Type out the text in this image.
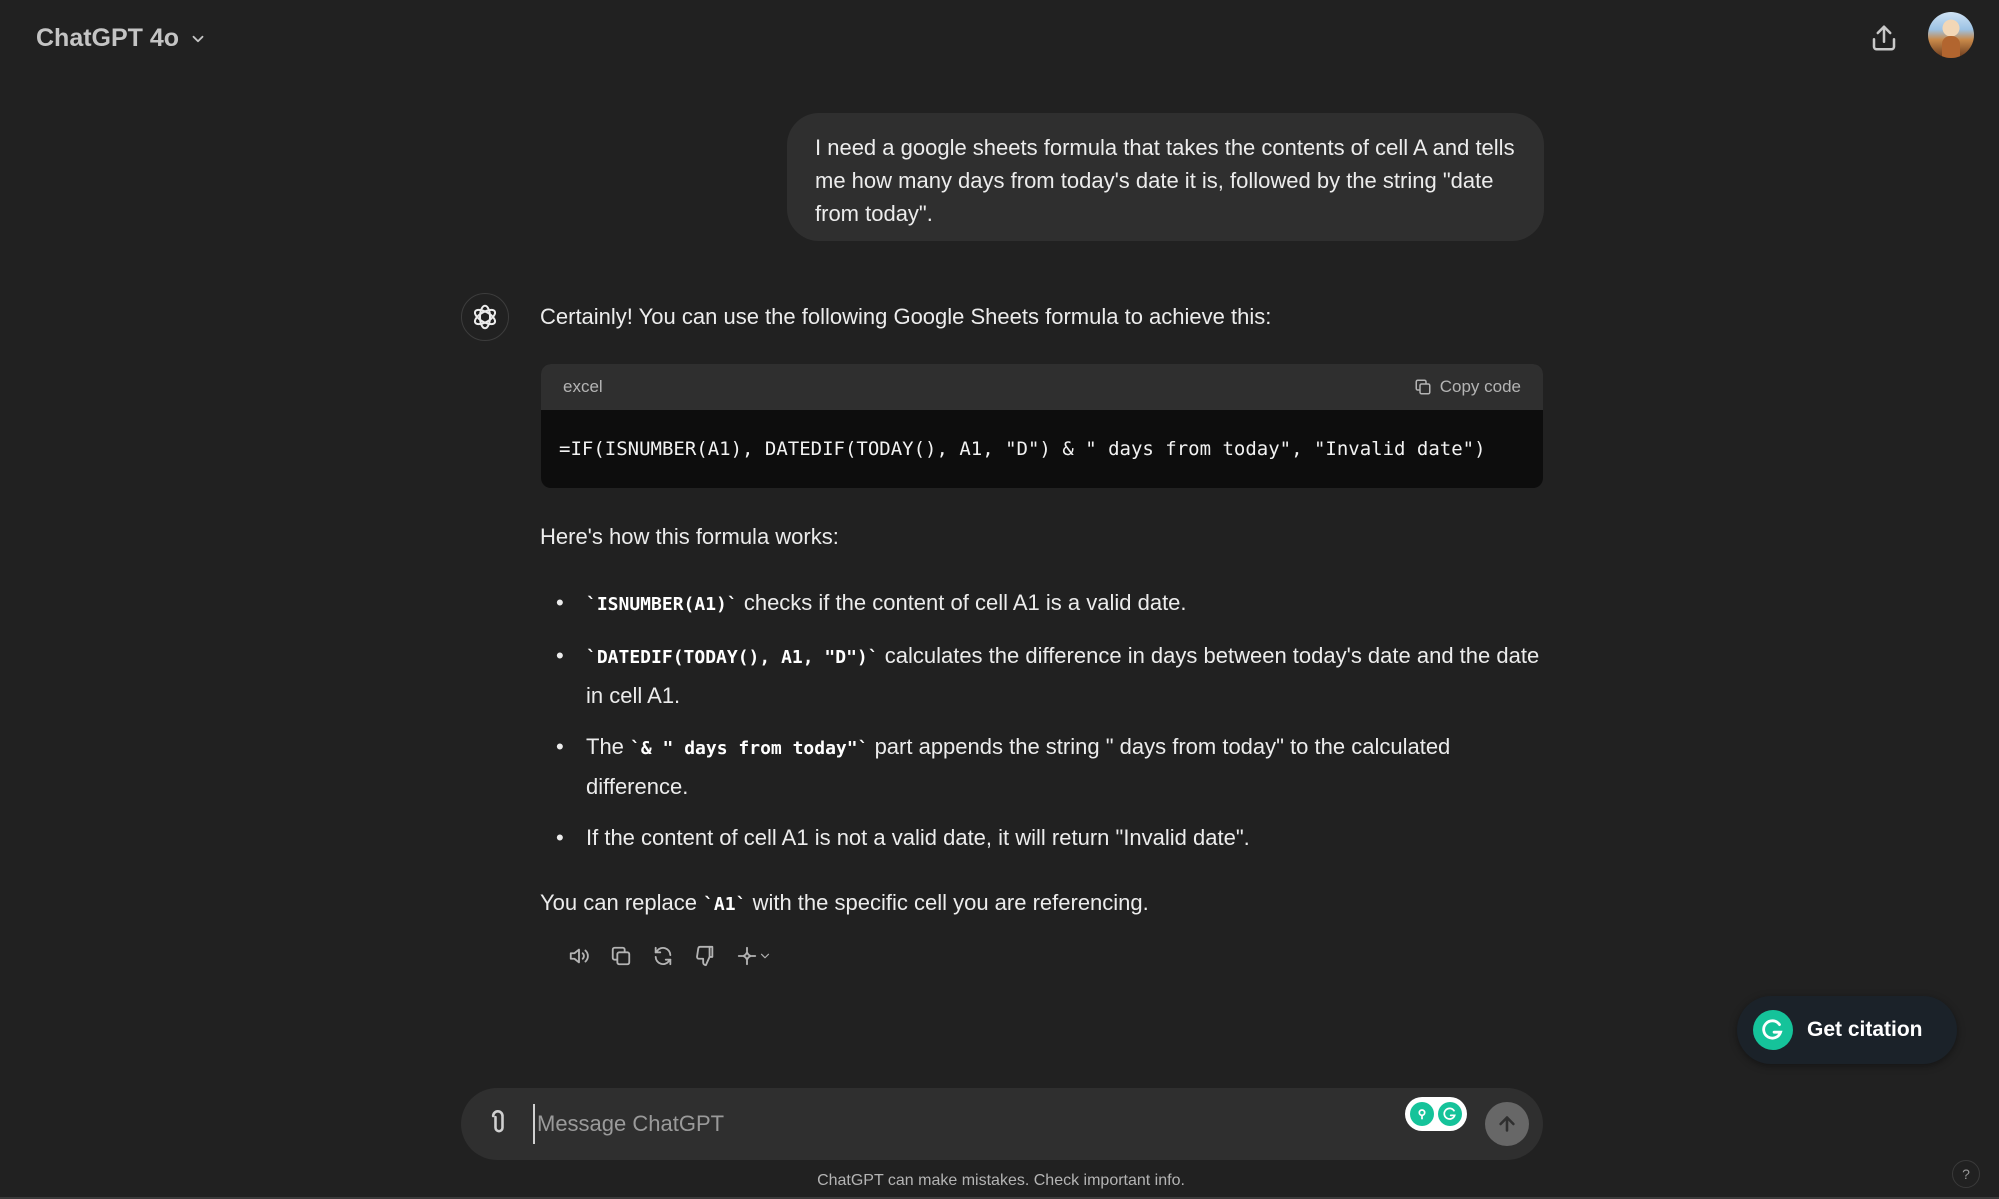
ChatGPT 4o
I need a google sheets formula that takes the contents of cell A and tells me how many days from today's date it is, followed by the string "date from today".
Certainly! You can use the following Google Sheets formula to achieve this:
excel	Copy code
=IF(ISNUMBER(A1), DATEDIF(TODAY(), A1, "D") & " days from today", "Invalid date")
Here's how this formula works:
• `ISNUMBER(A1)` checks if the content of cell A1 is a valid date.
• `DATEDIF(TODAY(), A1, "D")` calculates the difference in days between today's date and the date in cell A1.
• The `& " days from today"` part appends the string " days from today" to the calculated difference.
• If the content of cell A1 is not a valid date, it will return "Invalid date".
You can replace `A1` with the specific cell you are referencing.
Get citation
Message ChatGPT
ChatGPT can make mistakes. Check important info.	?
